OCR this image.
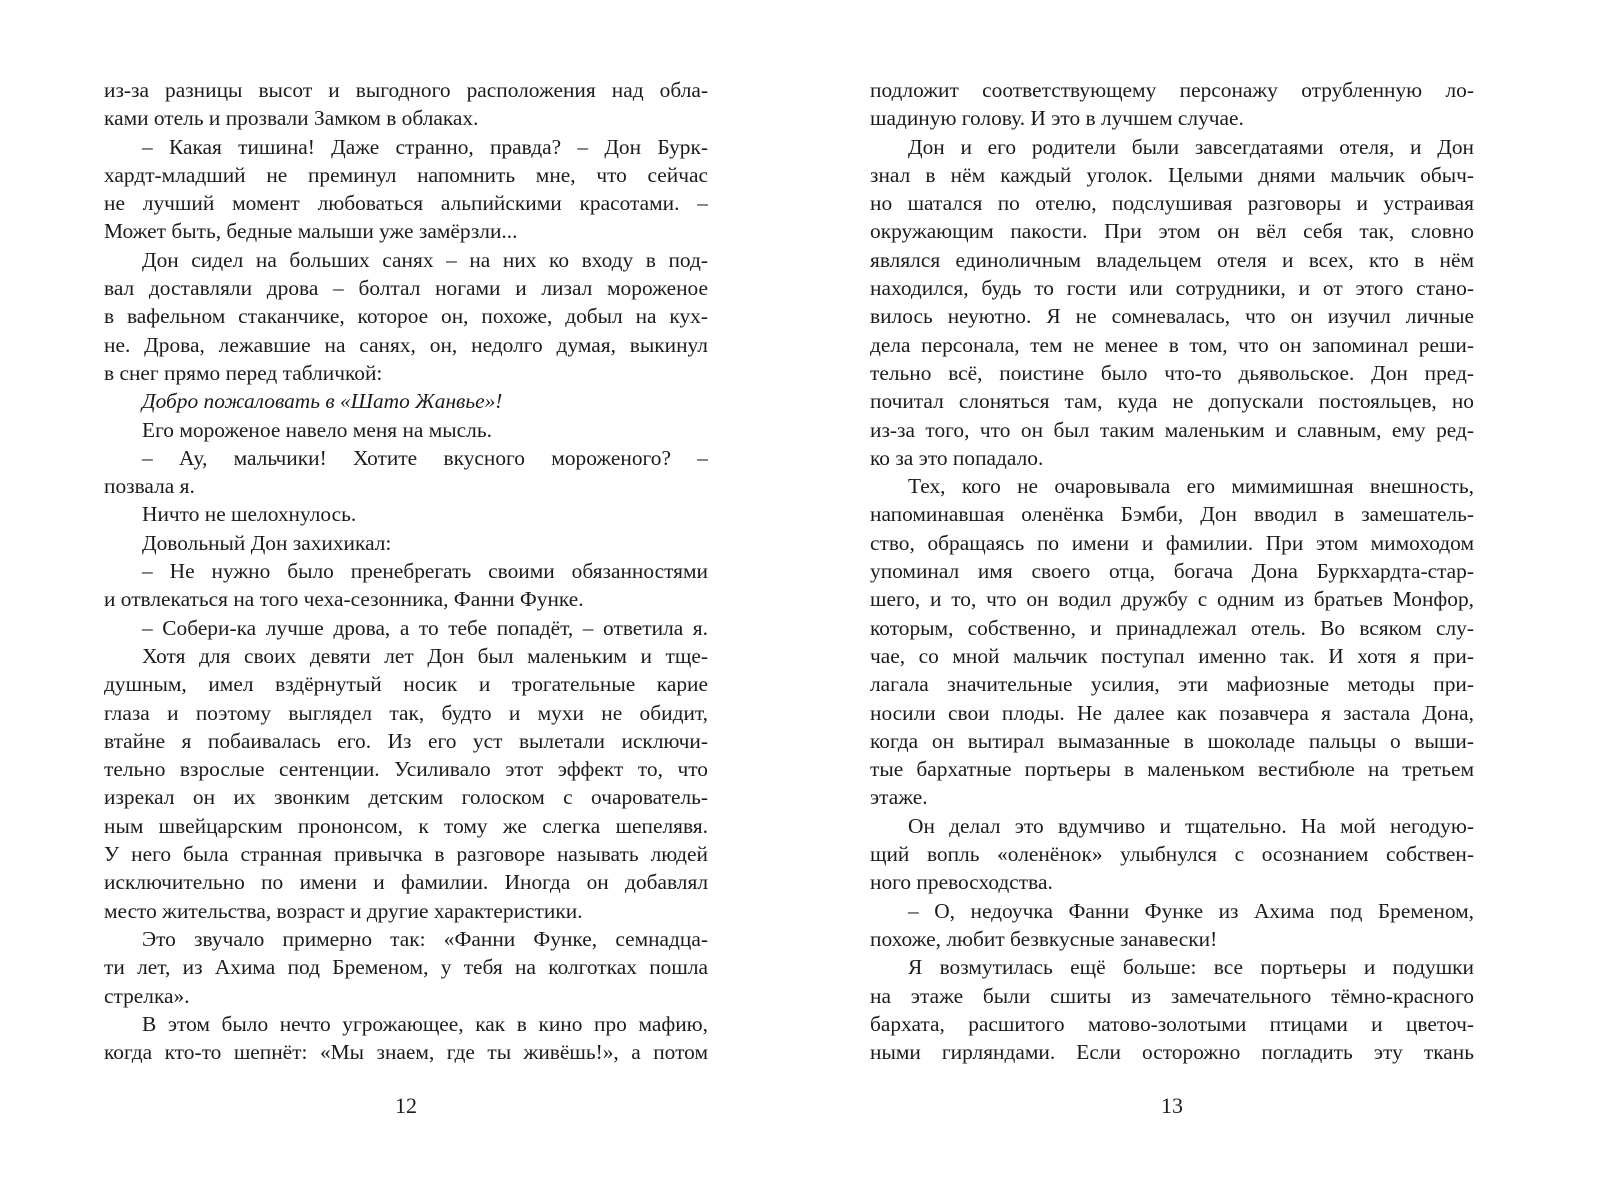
из-за разницы высот и выгодного расположения над обла-
ками отель и прозвали Замком в облаках.
– Какая тишина! Даже странно, правда? – Дон Бурк-
хардт-младший не преминул напомнить мне, что сейчас
не лучший момент любоваться альпийскими красотами. –
Может быть, бедные малыши уже замёрзли...
Дон сидел на больших санях – на них ко входу в под-
вал доставляли дрова – болтал ногами и лизал мороженое
в вафельном стаканчике, которое он, похоже, добыл на кух-
не. Дрова, лежавшие на санях, он, недолго думая, выкинул
в снег прямо перед табличкой:
Добро пожаловать в «Шато Жанвье»!
Его мороженое навело меня на мысль.
– Ау, мальчики! Хотите вкусного мороженого? –
позвала я.
Ничто не шелохнулось.
Довольный Дон захихикал:
– Не нужно было пренебрегать своими обязанностями
и отвлекаться на того чеха-сезонника, Фанни Функе.
– Собери-ка лучше дрова, а то тебе попадёт, – ответила я.
Хотя для своих девяти лет Дон был маленьким и тще-
душным, имел вздёрнутый носик и трогательные карие
глаза и поэтому выглядел так, будто и мухи не обидит,
втайне я побаивалась его. Из его уст вылетали исключи-
тельно взрослые сентенции. Усиливало этот эффект то, что
изрекал он их звонким детским голоском с очарователь-
ным швейцарским прононсом, к тому же слегка шепелявя.
У него была странная привычка в разговоре называть людей
исключительно по имени и фамилии. Иногда он добавлял
место жительства, возраст и другие характеристики.
Это звучало примерно так: «Фанни Функе, семнадца-
ти лет, из Ахима под Бременом, у тебя на колготках пошла
стрелка».
В этом было нечто угрожающее, как в кино про мафию,
когда кто-то шепнёт: «Мы знаем, где ты живёшь!», а потом
12
подложит соответствующему персонажу отрубленную ло-
шадиную голову. И это в лучшем случае.
Дон и его родители были завсегдатаями отеля, и Дон
знал в нём каждый уголок. Целыми днями мальчик обыч-
но шатался по отелю, подслушивая разговоры и устраивая
окружающим пакости. При этом он вёл себя так, словно
являлся единоличным владельцем отеля и всех, кто в нём
находился, будь то гости или сотрудники, и от этого стано-
вилось неуютно. Я не сомневалась, что он изучил личные
дела персонала, тем не менее в том, что он запоминал реши-
тельно всё, поистине было что-то дьявольское. Дон пред-
почитал слоняться там, куда не допускали постояльцев, но
из-за того, что он был таким маленьким и славным, ему ред-
ко за это попадало.
Тех, кого не очаровывала его мимимишная внешность,
напоминавшая оленёнка Бэмби, Дон вводил в замешатель-
ство, обращаясь по имени и фамилии. При этом мимоходом
упоминал имя своего отца, богача Дона Буркхардта-стар-
шего, и то, что он водил дружбу с одним из братьев Монфор,
которым, собственно, и принадлежал отель. Во всяком слу-
чае, со мной мальчик поступал именно так. И хотя я при-
лагала значительные усилия, эти мафиозные методы при-
носили свои плоды. Не далее как позавчера я застала Дона,
когда он вытирал вымазанные в шоколаде пальцы о выши-
тые бархатные портьеры в маленьком вестибюле на третьем
этаже.
Он делал это вдумчиво и тщательно. На мой негодую-
щий вопль «оленёнок» улыбнулся с осознанием собствен-
ного превосходства.
– О, недоучка Фанни Функе из Ахима под Бременом,
похоже, любит безвкусные занавески!
Я возмутилась ещё больше: все портьеры и подушки
на этаже были сшиты из замечательного тёмно-красного
бархата, расшитого матово-золотыми птицами и цветоч-
ными гирляндами. Если осторожно погладить эту ткань
13
